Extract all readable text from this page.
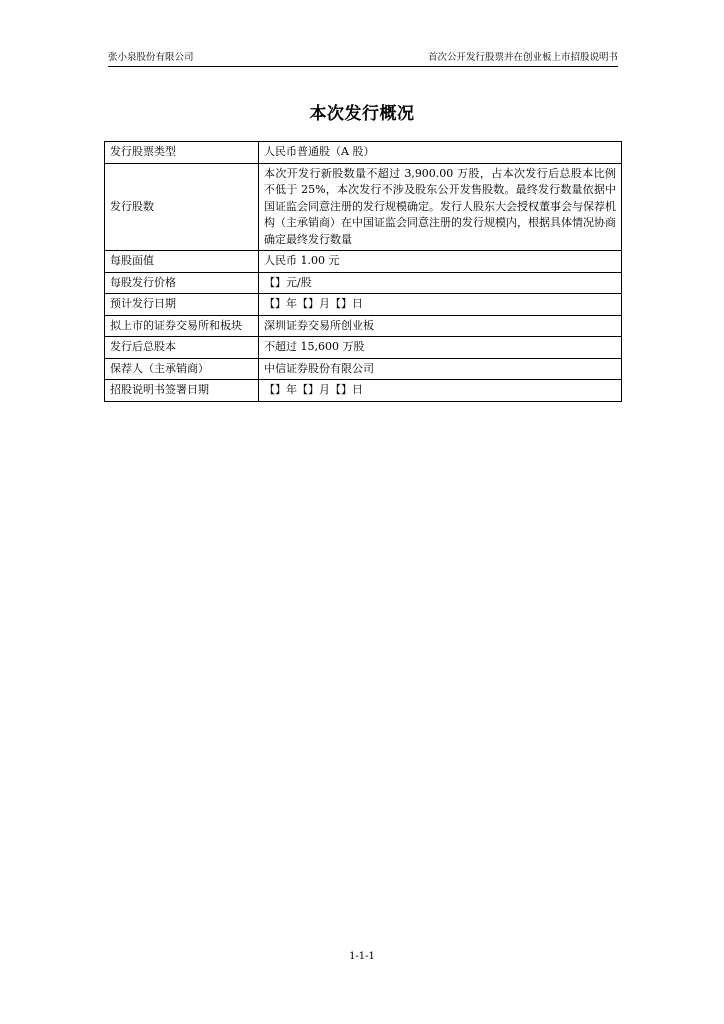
张小泉股份有限公司	首次公开发行股票并在创业板上市招股说明书
本次发行概况
发行股票类型	人民币普通股（A 股）
发行股数	本次开发行新股数量不超过 3,900.00 万股，占本次发行后总股本比例不低于 25%，本次发行不涉及股东公开发售股数。最终发行数量依据中国证监会同意注册的发行规模确定。发行人股东大会授权董事会与保荐机构（主承销商）在中国证监会同意注册的发行规模内，根据具体情况协商确定最终发行数量
每股面值	人民币 1.00 元
每股发行价格	【】元/股
预计发行日期	【】年【】月【】日
拟上市的证券交易所和板块	深圳证券交易所创业板
发行后总股本	不超过 15,600 万股
保荐人（主承销商）	中信证券股份有限公司
招股说明书签署日期	【】年【】月【】日
1-1-1
